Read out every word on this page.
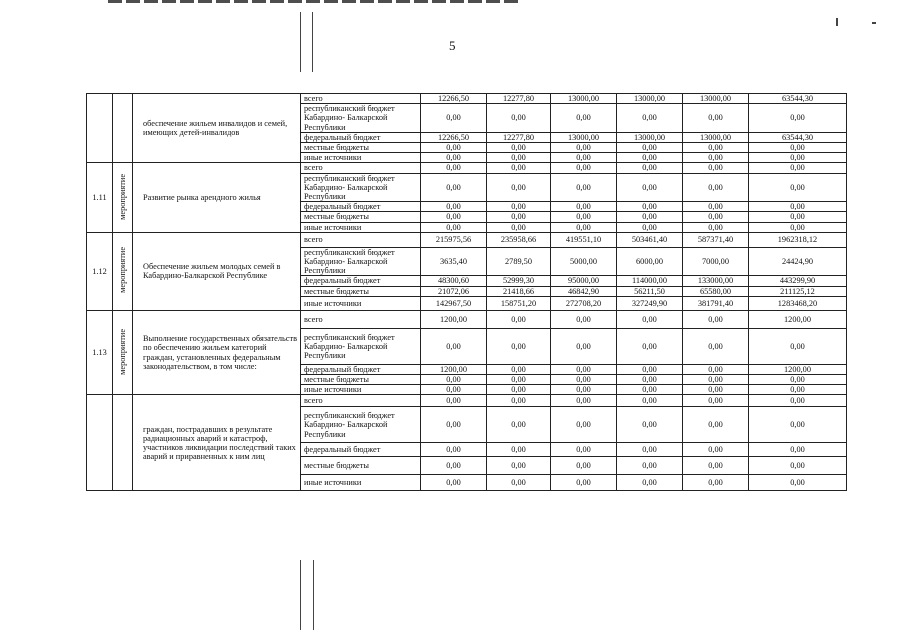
5
		обеспечение жильем инвалидов и семей, имеющих детей-инвалидов	всего	12266,50	12277,80	13000,00	13000,00	13000,00	63544,30
			республиканский бюджет Кабардино- Балкарской Республики	0,00	0,00	0,00	0,00	0,00	0,00
			федеральный бюджет	12266,50	12277,80	13000,00	13000,00	13000,00	63544,30
			местные бюджеты	0,00	0,00	0,00	0,00	0,00	0,00
			иные источники	0,00	0,00	0,00	0,00	0,00	0,00
1.11	мероприятие	Развитие рынка арендного жилья	всего	0,00	0,00	0,00	0,00	0,00	0,00
			республиканский бюджет Кабардино- Балкарской Республики	0,00	0,00	0,00	0,00	0,00	0,00
			федеральный бюджет	0,00	0,00	0,00	0,00	0,00	0,00
			местные бюджеты	0,00	0,00	0,00	0,00	0,00	0,00
			иные источники	0,00	0,00	0,00	0,00	0,00	0,00
1.12	мероприятие	Обеспечение жильем молодых семей в Кабардино-Балкарской Республике	всего	215975,56	235958,66	419551,10	503461,40	587371,40	1962318,12
			республиканский бюджет Кабардино- Балкарской Республики	3635,40	2789,50	5000,00	6000,00	7000,00	24424,90
			федеральный бюджет	48300,60	52999,30	95000,00	114000,00	133000,00	443299,90
			местные бюджеты	21072,06	21418,66	46842,90	56211,50	65580,00	211125,12
			иные источники	142967,50	158751,20	272708,20	327249,90	381791,40	1283468,20
1.13	мероприятие	Выполнение государственных обязательств по обеспечению жильем категорий граждан, установленных федеральным законодательством, в том числе:	всего	1200,00	0,00	0,00	0,00	0,00	1200,00
			республиканский бюджет Кабардино- Балкарской Республики	0,00	0,00	0,00	0,00	0,00	0,00
			федеральный бюджет	1200,00	0,00	0,00	0,00	0,00	1200,00
			местные бюджеты	0,00	0,00	0,00	0,00	0,00	0,00
			иные источники	0,00	0,00	0,00	0,00	0,00	0,00
		граждан, пострадавших в результате радиационных аварий и катастроф, участников ликвидации последствий таких аварий и приравненных к ним лиц	всего	0,00	0,00	0,00	0,00	0,00	0,00
			республиканский бюджет Кабардино- Балкарской Республики	0,00	0,00	0,00	0,00	0,00	0,00
			федеральный бюджет	0,00	0,00	0,00	0,00	0,00	0,00
			местные бюджеты	0,00	0,00	0,00	0,00	0,00	0,00
			иные источники	0,00	0,00	0,00	0,00	0,00	0,00
